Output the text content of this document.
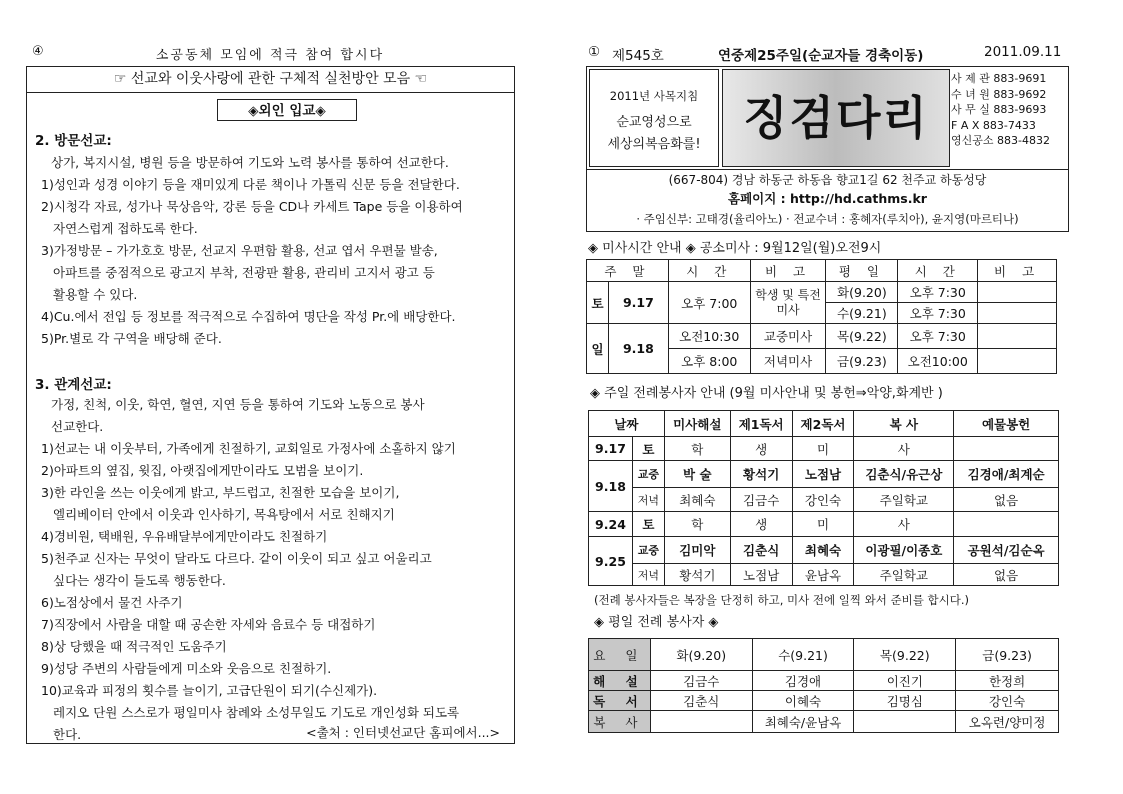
④	소공동체 모임에 적극 참여 합시다
☞ 선교와 이웃사랑에 관한 구체적 실천방안 모음 ☜
◈외인 입교◈
2. 방문선교:
상가, 복지시설, 병원 등을 방문하여 기도와 노력 봉사를 통하여 선교한다.
1)성인과 성경 이야기 등을 재미있게 다룬 책이나 가톨릭 신문 등을 전달한다.
2)시청각 자료, 성가나 묵상음악, 강론 등을 CD나 카세트 Tape 등을 이용하여
자연스럽게 접하도록 한다.
3)가정방문 – 가가호호 방문, 선교지 우편함 활용, 선교 엽서 우편물 발송,
아파트를 중점적으로 광고지 부착, 전광판 활용, 관리비 고지서 광고 등
활용할 수 있다.
4)Cu.에서 전입 등 정보를 적극적으로 수집하여 명단을 작성 Pr.에 배당한다.
5)Pr.별로 각 구역을 배당해 준다.
3. 관계선교:
가정, 친척, 이웃, 학연, 혈연, 지연 등을 통하여 기도와 노동으로 봉사
선교한다.
1)선교는 내 이웃부터, 가족에게 친절하기, 교회일로 가정사에 소홀하지 않기
2)아파트의 옆집, 윗집, 아랫집에게만이라도 모범을 보이기.
3)한 라인을 쓰는 이웃에게 밝고, 부드럽고, 친절한 모습을 보이기,
엘리베이터 안에서 이웃과 인사하기, 목욕탕에서 서로 친해지기
4)경비원, 택배원, 우유배달부에게만이라도 친절하기
5)천주교 신자는 무엇이 달라도 다르다. 같이 이웃이 되고 싶고 어울리고
싶다는 생각이 들도록 행동한다.
6)노점상에서 물건 사주기
7)직장에서 사람을 대할 때 공손한 자세와 음료수 등 대접하기
8)상 당했을 때 적극적인 도움주기
9)성당 주변의 사람들에게 미소와 웃음으로 친절하기.
10)교육과 피정의 횟수를 늘이기, 고급단원이 되기(수신제가).
레지오 단원 스스로가 평일미사 참례와 소성무일도 기도로 개인성화 되도록
한다.	<출처 : 인터넷선교단 홈피에서...>
① 제545호	연중제25주일(순교자들 경축이동)	2011.09.11
2011년 사목지침
순교영성으로
세상의복음화를! 징검다리
사 제 관 883-9691
수 녀 원 883-9692
사 무 실 883-9693
F A X 883-7433
영신공소 883-4832
(667-804) 경남 하동군 하동읍 향교1길 62 천주교 하동성당
홈페이지 : http://hd.cathms.kr
· 주임신부: 고태경(율리아노) · 전교수녀 : 홍혜자(루치아), 윤지영(마르티나)
◈ 미사시간 안내 ◈ 공소미사 : 9월12일(월)오전9시
주 말		시 간	비 고	평 일	시 간	비 고
토	9.17	오후 7:00	학생 및 특전미사	화(9.20)	오후 7:30	
				수(9.21)	오후 7:30	
일	9.18	오전10:30	교중미사	목(9.22)	오후 7:30	
		오후 8:00	저녁미사	금(9.23)	오전10:00	
◈ 주일 전례봉사자 안내 (9월 미사안내 및 봉헌⇒악양,화계반 )
날짜		미사해설	제1독서	제2독서	복 사	예물봉헌
9.17	토	학	생	미	사	
9.18	교중	박 술	황석기	노점남	김춘식/유근상	김경애/최계순
	저녁	최혜숙	김금수	강인숙	주일학교	없음
9.24	토	학	생	미	사	
9.25	교중	김미악	김춘식	최혜숙	이광필/이종호	공원석/김순옥
	저녁	황석기	노점남	윤남옥	주일학교	없음
(전례 봉사자들은 복장을 단정히 하고, 미사 전에 일찍 와서 준비를 합시다.)
◈ 평일 전례 봉사자 ◈
요 일	화(9.20)	수(9.21)	목(9.22)	금(9.23)
해 설	김금수	김경애	이진기	한정희
독 서	김춘식	이혜숙	김명심	강인숙
복 사		최혜숙/윤남옥		오옥련/양미정
